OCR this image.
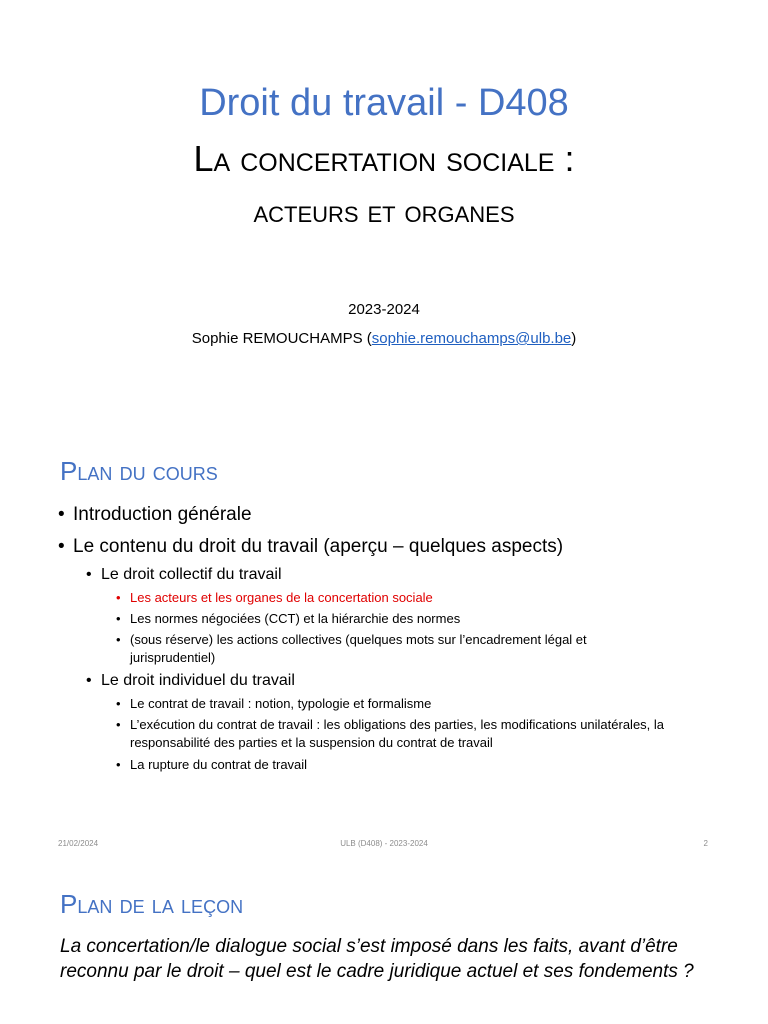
Droit du travail - D408
La concertation sociale :
acteurs et organes
2023-2024
Sophie REMOUCHAMPS (sophie.remouchamps@ulb.be)
Plan du cours
• Introduction générale
• Le contenu du droit du travail (aperçu – quelques aspects)
• Le droit collectif du travail
• Les acteurs et les organes de la concertation sociale
• Les normes négociées (CCT) et la hiérarchie des normes
• (sous réserve) les actions collectives (quelques mots sur l’encadrement légal et jurisprudentiel)
• Le droit individuel du travail
• Le contrat de travail : notion, typologie et formalisme
• L’exécution du contrat de travail : les obligations des parties, les modifications unilatérales, la responsabilité des parties et la suspension du contrat de travail
• La rupture du contrat de travail
21/02/2024	ULB (D408) - 2023-2024	2
Plan de la leçon
La concertation/le dialogue social s’est imposé dans les faits, avant d’être reconnu par le droit – quel est le cadre juridique actuel et ses fondements ?
